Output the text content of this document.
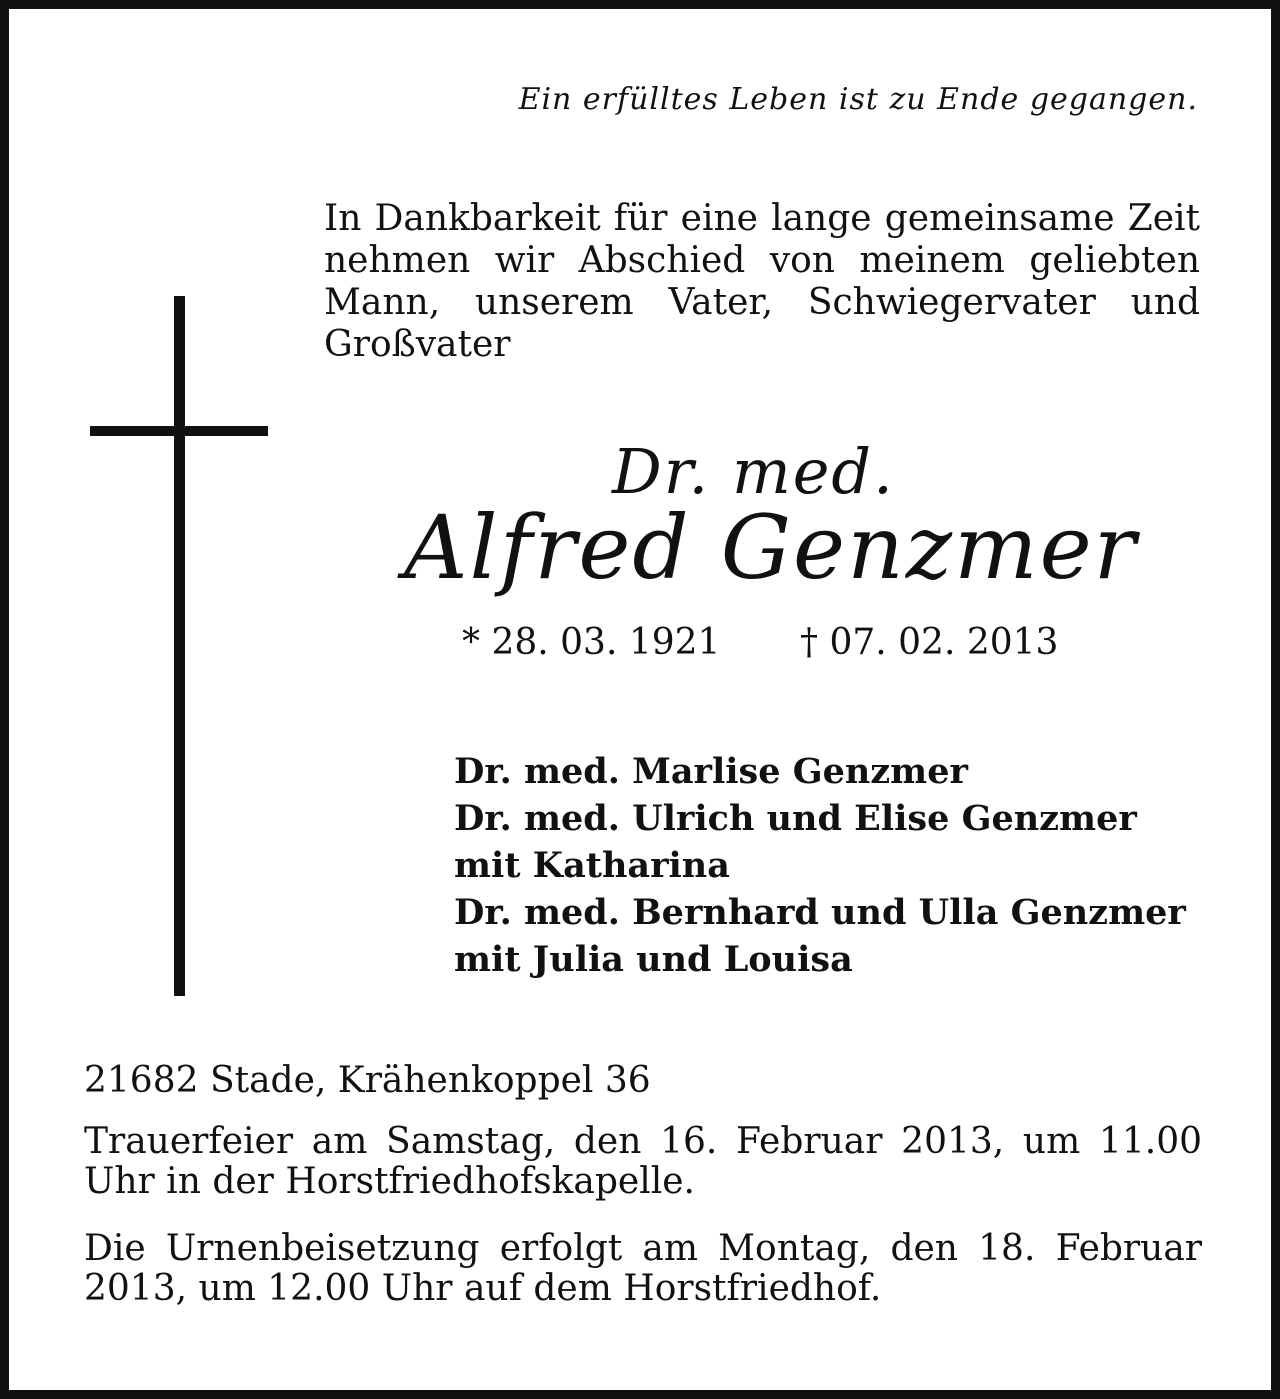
Ein erfülltes Leben ist zu Ende gegangen.
In Dankbarkeit für eine lange gemeinsame Zeit nehmen wir Abschied von meinem geliebten Mann, unserem Vater, Schwiegervater und Großvater
Dr. med.
Alfred Genzmer
* 28. 03. 1921 † 07. 02. 2013
Dr. med. Marlise Genzmer
Dr. med. Ulrich und Elise Genzmer
mit Katharina
Dr. med. Bernhard und Ulla Genzmer
mit Julia und Louisa
21682 Stade, Krähenkoppel 36
Trauerfeier am Samstag, den 16. Februar 2013, um 11.00 Uhr in der Horstfriedhofskapelle.
Die Urnenbeisetzung erfolgt am Montag, den 18. Februar 2013, um 12.00 Uhr auf dem Horstfriedhof.
